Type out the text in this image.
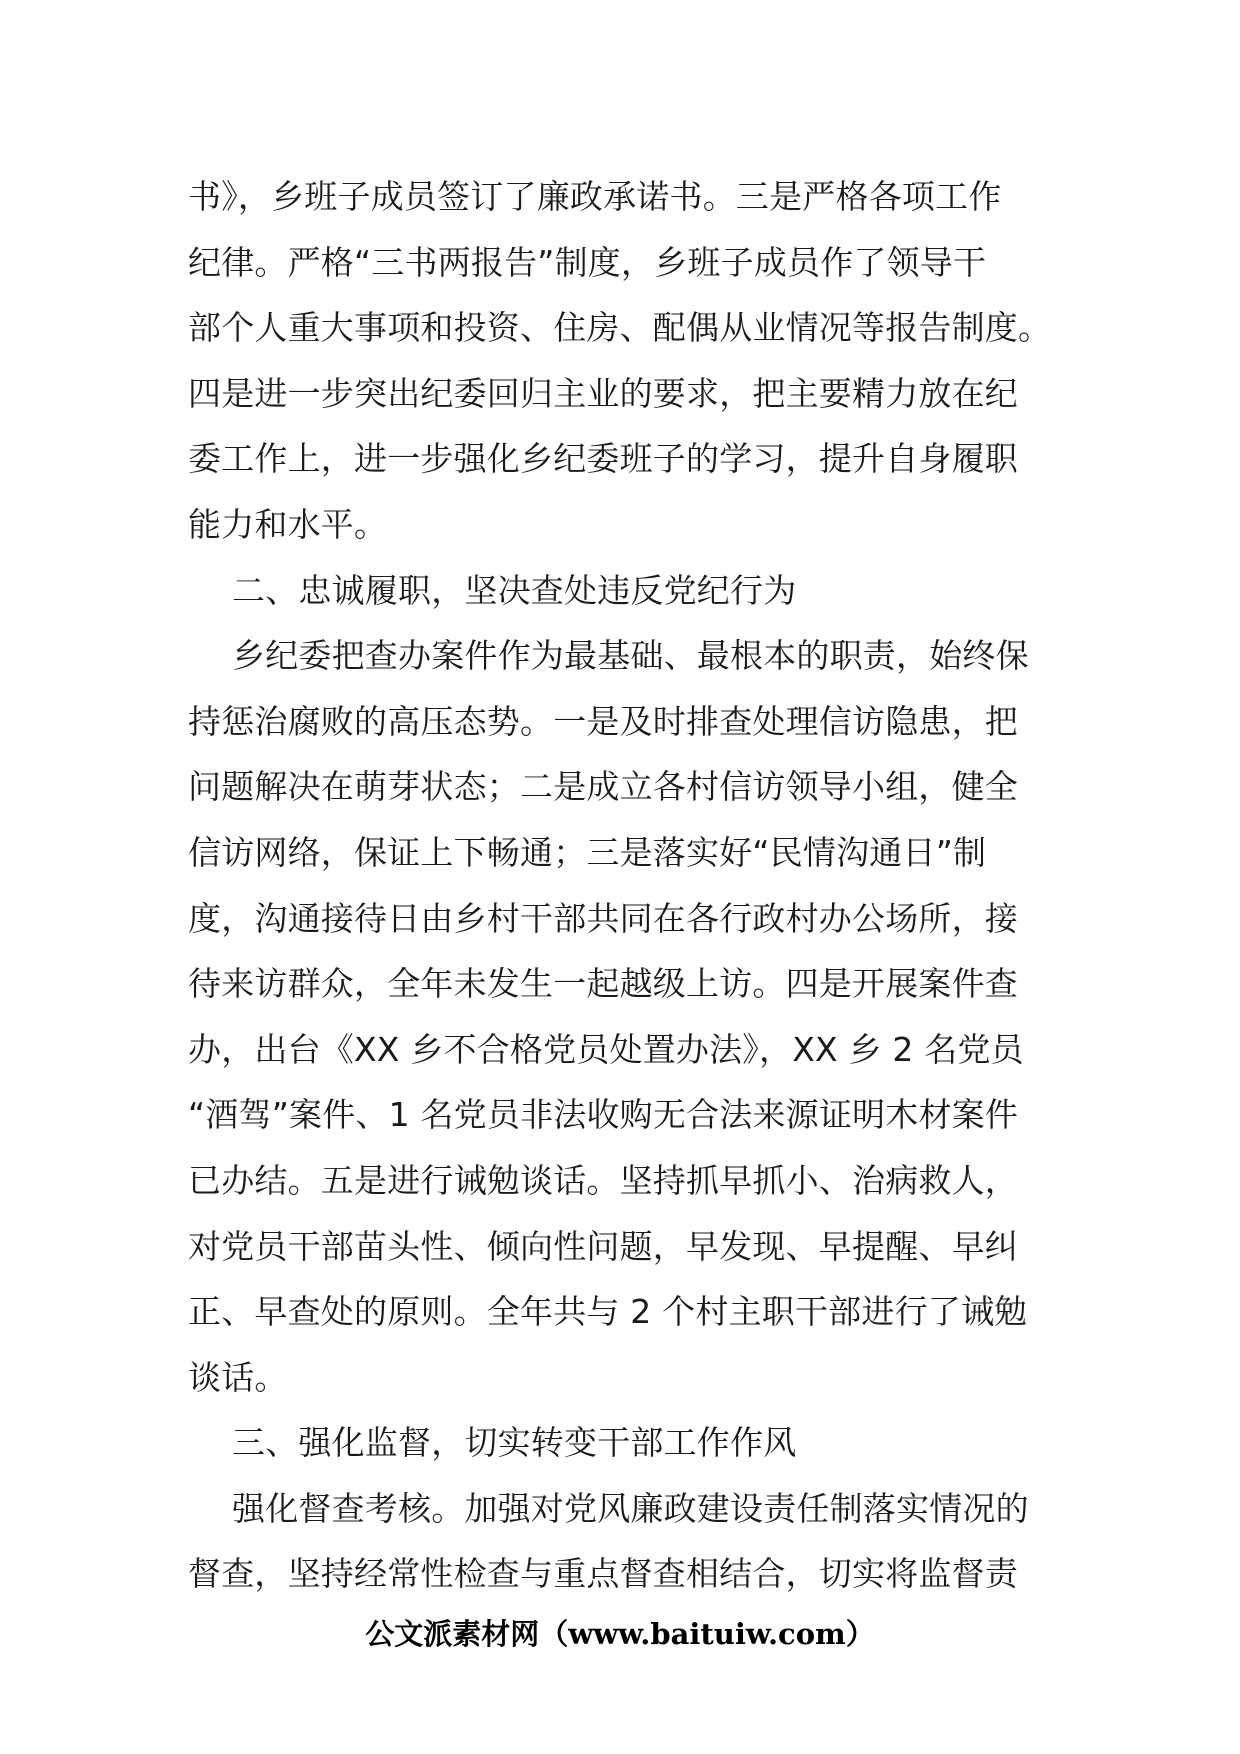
书》，乡班子成员签订了廉政承诺书。三是严格各项工作
纪律。严格“三书两报告”制度，乡班子成员作了领导干
部个人重大事项和投资、住房、配偶从业情况等报告制度。
四是进一步突出纪委回归主业的要求，把主要精力放在纪
委工作上，进一步强化乡纪委班子的学习，提升自身履职
能力和水平。
二、忠诚履职，坚决查处违反党纪行为
乡纪委把查办案件作为最基础、最根本的职责，始终保
持惩治腐败的高压态势。一是及时排查处理信访隐患，把
问题解决在萌芽状态；二是成立各村信访领导小组，健全
信访网络，保证上下畅通；三是落实好“民情沟通日”制
度，沟通接待日由乡村干部共同在各行政村办公场所，接
待来访群众，全年未发生一起越级上访。四是开展案件查
办，出台《XX 乡不合格党员处置办法》，XX 乡 2 名党员
“酒驾”案件、1 名党员非法收购无合法来源证明木材案件
已办结。五是进行诫勉谈话。坚持抓早抓小、治病救人，
对党员干部苗头性、倾向性问题，早发现、早提醒、早纠
正、早查处的原则。全年共与 2 个村主职干部进行了诫勉
谈话。
三、强化监督，切实转变干部工作作风
强化督查考核。加强对党风廉政建设责任制落实情况的
督查，坚持经常性检查与重点督查相结合，切实将监督责
公文派素材网（www.baituiw.com）
